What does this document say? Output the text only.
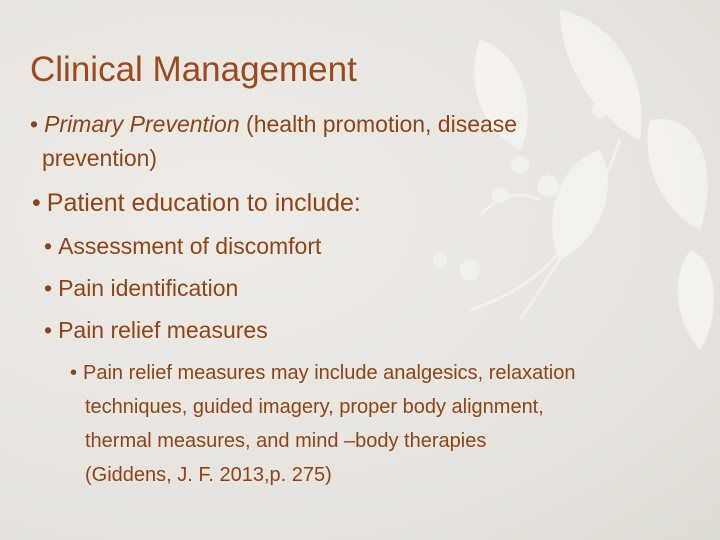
Clinical Management
• Primary Prevention (health promotion, disease
prevention)
• Patient education to include:
• Assessment of discomfort
• Pain identification
• Pain relief measures
• Pain relief measures may include analgesics, relaxation
techniques, guided imagery, proper body alignment,
thermal measures, and mind –body therapies
(Giddens, J. F. 2013,p. 275)
